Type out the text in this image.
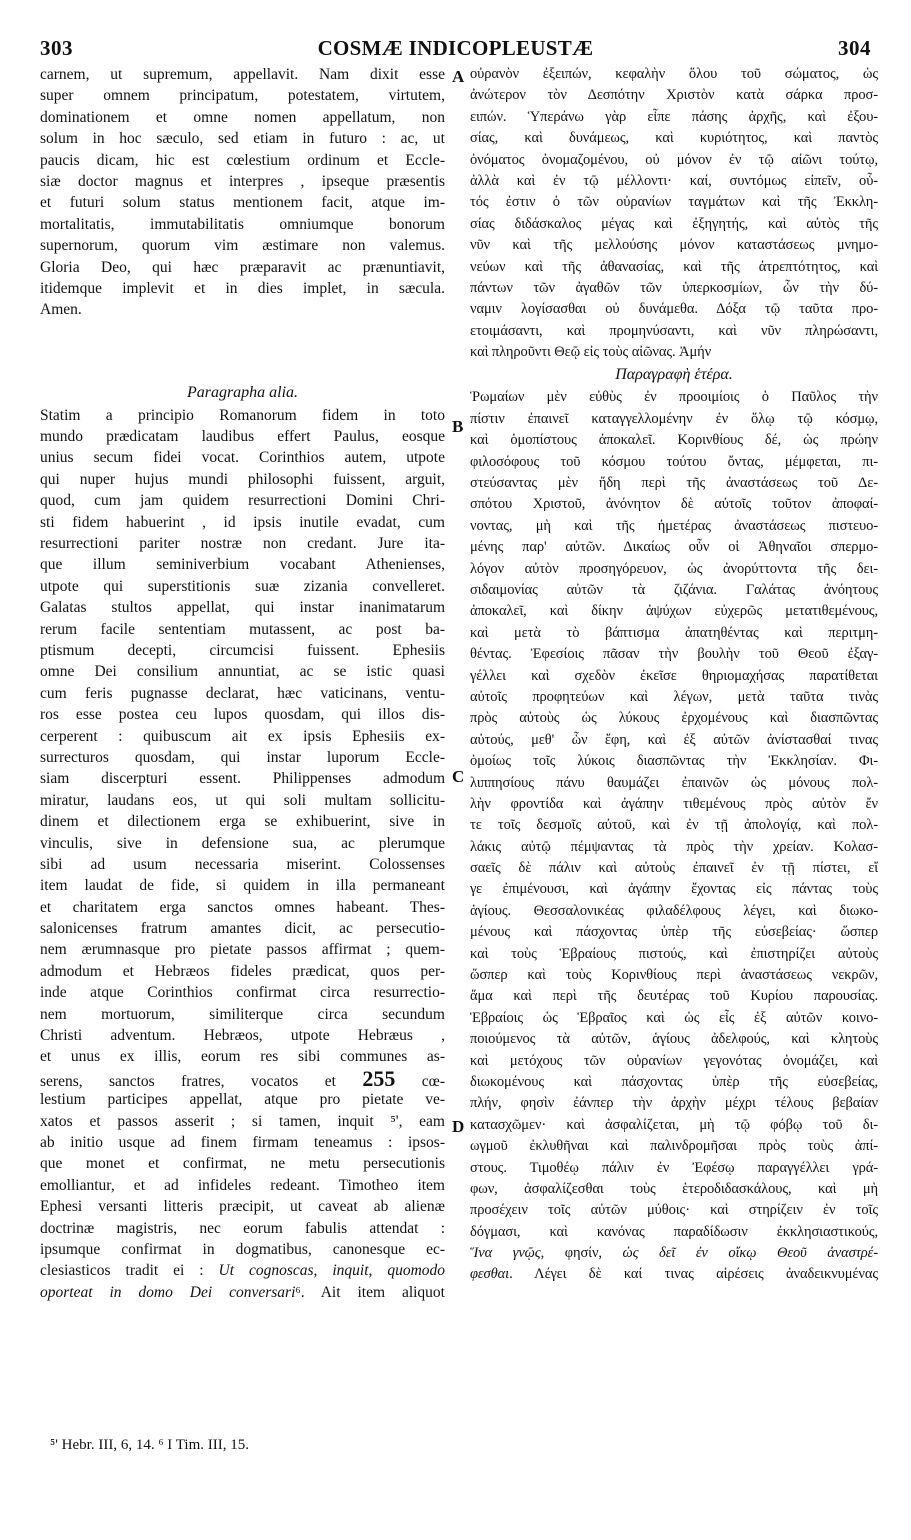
303	COSMÆ INDICOPLEUSTÆ	304
A
B
C
D
carnem, ut supremum, appellavit. Nam dixit esse
super omnem principatum, potestatem, virtutem,
dominationem et omne nomen appellatum, non
solum in hoc sæculo, sed etiam in futuro : ac, ut
paucis dicam, hic est cœlestium ordinum et Eccle-
siæ doctor magnus et interpres , ipseque præsentis
et futuri solum status mentionem facit, atque im-
mortalitatis, immutabilitatis omniumque bonorum
supernorum, quorum vim æstimare non valemus.
Gloria Deo, qui hæc præparavit ac prænuntiavit,
itidemque implevit et in dies implet, in sæcula.
Amen.
Paragrapha alia.
Statim a principio Romanorum fidem in toto
mundo prædicatam laudibus effert Paulus, eosque
unius secum fidei vocat. Corinthios autem, utpote
qui nuper hujus mundi philosophi fuissent, arguit,
quod, cum jam quidem resurrectioni Domini Chri-
sti fidem habuerint , id ipsis inutile evadat, cum
resurrectioni pariter nostræ non credant. Jure ita-
que illum seminiverbium vocabant Athenienses,
utpote qui superstitionis suæ zizania convelleret.
Galatas stultos appellat, qui instar inanimatarum
rerum facile sententiam mutassent, ac post ba-
ptismum decepti, circumcisi fuissent. Ephesiis
omne Dei consilium annuntiat, ac se istic quasi
cum feris pugnasse declarat, hæc vaticinans, ventu-
ros esse postea ceu lupos quosdam, qui illos dis-
cerperent : quibuscum ait ex ipsis Ephesiis ex-
surrecturos quosdam, qui instar luporum Eccle-
siam discerpturi essent. Philippenses admodum
miratur, laudans eos, ut qui soli multam sollicitu-
dinem et dilectionem erga se exhibuerint, sive in
vinculis, sive in defensione sua, ac plerumque
sibi ad usum necessaria miserint. Colossenses
item laudat de fide, si quidem in illa permaneant
et charitatem erga sanctos omnes habeant. Thes-
salonicenses fratrum amantes dicit, ac persecutio-
nem ærumnasque pro pietate passos affirmat ; quem-
admodum et Hebræos fideles prædicat, quos per-
inde atque Corinthios confirmat circa resurrectio-
nem mortuorum, similiterque circa secundum
Christi adventum. Hebræos, utpote Hebræus ,
et unus ex illis, eorum res sibi communes as-
serens, sanctos fratres, vocatos et 255 cœ-
lestium participes appellat, atque pro pietate ve-
xatos et passos asserit ; si tamen, inquit ⁵', eam
ab initio usque ad finem firmam teneamus : ipsos-
que monet et confirmat, ne metu persecutionis
emolliantur, et ad infideles redeant. Timotheo item
Ephesi versanti litteris præcipit, ut caveat ab alienæ
doctrinæ magistris, nec eorum fabulis attendat :
ipsumque confirmat in dogmatibus, canonesque ec-
clesiasticos tradit ei : Ut cognoscas, inquit, quomodo
oporteat in domo Dei conversari⁶. Ait item aliquot
οὐρανὸν ἐξειπών, κεφαλὴν ὅλου τοῦ σώματος, ὡς
ἀνώτερον τὸν Δεσπότην Χριστὸν κατὰ σάρκα προσ-
ειπών. Ὑπεράνω γὰρ εἶπε πάσης ἀρχῆς, καὶ ἐξου-
σίας, καὶ δυνάμεως, καὶ κυριότητος, καὶ παντὸς
ὀνόματος ὀνομαζομένου, οὐ μόνον ἐν τῷ αἰῶνι τούτῳ,
ἀλλὰ καὶ ἐν τῷ μέλλοντι· καί, συντόμως εἰπεῖν, οὗ-
τός ἐστιν ὁ τῶν οὐρανίων ταγμάτων καὶ τῆς Ἐκκλη-
σίας διδάσκαλος μέγας καὶ ἐξηγητής, καὶ αὐτὸς τῆς
νῦν καὶ τῆς μελλούσης μόνον καταστάσεως μνημο-
νεύων καὶ τῆς ἀθανασίας, καὶ τῆς ἀτρεπτότητος, καὶ
πάντων τῶν ἀγαθῶν τῶν ὑπερκοσμίων, ὧν τὴν δύ-
ναμιν λογίσασθαι οὐ δυνάμεθα. Δόξα τῷ ταῦτα προ-
ετοιμάσαντι, καὶ προμηνύσαντι, καὶ νῦν πληρώσαντι,
καὶ πληροῦντι Θεῷ εἰς τοὺς αἰῶνας. Ἀμήν
Παραγραφὴ ἑτέρα.
Ῥωμαίων μὲν εὐθὺς ἐν προοιμίοις ὁ Παῦλος τὴν
πίστιν ἐπαινεῖ καταγγελλομένην ἐν ὅλῳ τῷ κόσμῳ,
καὶ ὁμοπίστους ἀποκαλεῖ. Κορινθίους δέ, ὡς πρώην
φιλοσόφους τοῦ κόσμου τούτου ὄντας, μέμφεται, πι-
στεύσαντας μὲν ἤδη περὶ τῆς ἀναστάσεως τοῦ Δε-
σπότου Χριστοῦ, ἀνόνητον δὲ αὐτοῖς τοῦτον ἀποφαί-
νοντας, μὴ καὶ τῆς ἡμετέρας ἀναστάσεως πιστευο-
μένης παρ' αὐτῶν. Δικαίως οὖν οἱ Ἀθηναῖοι σπερμο-
λόγον αὐτὸν προσηγόρευον, ὡς ἀνορύττοντα τῆς δει-
σιδαιμονίας αὐτῶν τὰ ζιζάνια. Γαλάτας ἀνόητους
ἀποκαλεῖ, καὶ δίκην ἀψύχων εὐχερῶς μετατιθεμένους,
καὶ μετὰ τὸ βάπτισμα ἀπατηθέντας καὶ περιτμη-
θέντας. Ἐφεσίοις πᾶσαν τὴν βουλὴν τοῦ Θεοῦ ἐξαγ-
γέλλει καὶ σχεδὸν ἐκεῖσε θηριομαχήσας παρατίθεται
αὐτοῖς προφητεύων καὶ λέγων, μετὰ ταῦτα τινὰς
πρὸς αὐτοὺς ὡς λύκους ἐρχομένους καὶ διασπῶντας
αὐτούς, μεθ' ὧν ἔφη, καὶ ἐξ αὐτῶν ἀνίστασθαί τινας
ὁμοίως τοῖς λύκοις διασπῶντας τὴν Ἐκκλησίαν. Φι-
λιππησίους πάνυ θαυμάζει ἐπαινῶν ὡς μόνους πολ-
λὴν φροντίδα καὶ ἀγάπην τιθεμένους πρὸς αὐτὸν ἔν
τε τοῖς δεσμοῖς αὐτοῦ, καὶ ἐν τῇ ἀπολογίᾳ, καὶ πολ-
λάκις αὐτῷ πέμψαντας τὰ πρὸς τὴν χρείαν. Κολασ-
σαεῖς δὲ πάλιν καὶ αὐτοὺς ἐπαινεῖ ἐν τῇ πίστει, εἴ
γε ἐπιμένουσι, καὶ ἀγάπην ἔχοντας εἰς πάντας τοὺς
ἁγίους. Θεσσαλονικέας φιλαδέλφους λέγει, καὶ διωκο-
μένους καὶ πάσχοντας ὑπὲρ τῆς εὐσεβείας· ὥσπερ
καὶ τοὺς Ἑβραίους πιστούς, καὶ ἐπιστηρίζει αὐτοὺς
ὥσπερ καὶ τοὺς Κορινθίους περὶ ἀναστάσεως νεκρῶν,
ἅμα καὶ περὶ τῆς δευτέρας τοῦ Κυρίου παρουσίας.
Ἑβραίοις ὡς Ἑβραῖος καὶ ὡς εἷς ἐξ αὐτῶν κοινο-
ποιούμενος τὰ αὐτῶν, ἁγίους ἀδελφούς, καὶ κλητοὺς
καὶ μετόχους τῶν οὐρανίων γεγονότας ὀνομάζει, καὶ
διωκομένους καὶ πάσχοντας ὑπὲρ τῆς εὐσεβείας,
πλήν, φησὶν ἐάνπερ τὴν ἀρχὴν μέχρι τέλους βεβαίαν
κατασχῶμεν· καὶ ἀσφαλίζεται, μὴ τῷ φόβῳ τοῦ δι-
ωγμοῦ ἐκλυθῆναι καὶ παλινδρομῆσαι πρὸς τοὺς ἀπί-
στους. Τιμοθέῳ πάλιν ἐν Ἐφέσῳ παραγγέλλει γρά-
φων, ἀσφαλίζεσθαι τοὺς ἑτεροδιδασκάλους, καὶ μὴ
προσέχειν τοῖς αὐτῶν μύθοις· καὶ στηρίζειν ἐν τοῖς
δόγμασι, καὶ κανόνας παραδίδωσιν ἐκκλησιαστικούς,
Ἵνα γνῷς, φησίν, ὡς δεῖ ἐν οἴκῳ Θεοῦ ἀναστρέ-
φεσθαι. Λέγει δὲ καί τινας αἱρέσεις ἀναδεικνυμένας
⁵' Hebr. III, 6, 14. ⁶ I Tim. III, 15.
